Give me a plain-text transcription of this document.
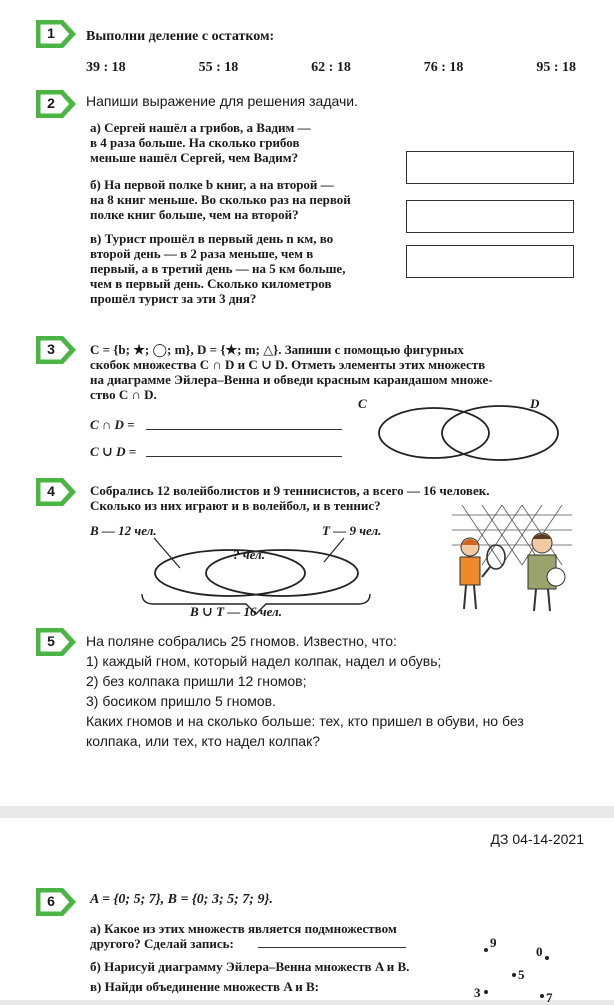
1	Выполни деление с остатком:
39 : 18	55 : 18	62 : 18	76 : 18	95 : 18
2	Напиши выражение для решения задачи.
а) Сергей нашёл a грибов, а Вадим —
в 4 раза больше. На сколько грибов
меньше нашёл Сергей, чем Вадим?
б) На первой полке b книг, а на второй —
на 8 книг меньше. Во сколько раз на первой
полке книг больше, чем на второй?
в) Турист прошёл в первый день n км, во
второй день — в 2 раза меньше, чем в
первый, а в третий день — на 5 км больше,
чем в первый день. Сколько километров
прошёл турист за эти 3 дня?
3	C = {b; ★; ◯; m}, D = {★; m; △}. Запиши с помощью фигурных
скобок множества C ∩ D и C ∪ D. Отметь элементы этих множеств
на диаграмме Эйлера–Венна и обведи красным карандашом множе-
ство C ∩ D.
C ∩ D =
C ∪ D =
C	D
4	Собрались 12 волейболистов и 9 теннисистов, а всего — 16 человек.
Сколько из них играют и в волейбол, и в теннис?
B — 12 чел.	T — 9 чел.
? чел.
B ∪ T — 16 чел.
5	На поляне собрались 25 гномов. Известно, что:
1) каждый гном, который надел колпак, надел и обувь;
2) без колпака пришли 12 гномов;
3) босиком пришло 5 гномов.
Каких гномов и на сколько больше: тех, кто пришел в обуви, но без
колпака, или тех, кто надел колпак?
ДЗ 04-14-2021
6	A = {0; 5; 7}, B = {0; 3; 5; 7; 9}.
а) Какое из этих множеств является подмножеством
другого? Сделай запись:
б) Нарисуй диаграмму Эйлера–Венна множеств A и B.
в) Найди объединение множеств A и B:
9
0
5
3	7
